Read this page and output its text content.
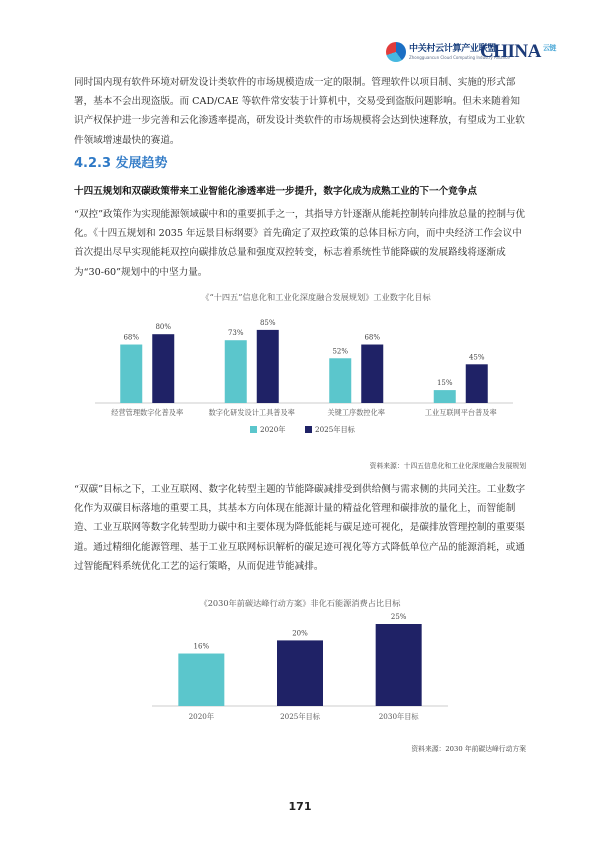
中关村云计算产业联盟
Zhongguancun Cloud Computing Industry Alliance
CHINA 云链

同时国内现有软件环境对研发设计类软件的市场规模造成一定的限制。管理软件以项目制、实施的形式部署，基本不会出现盗版。而 CAD/CAE 等软件常安装于计算机中，交易受到盗版问题影响。但未来随着知识产权保护进一步完善和云化渗透率提高，研发设计类软件的市场规模将会达到快速释放，有望成为工业软件领域增速最快的赛道。

4.2.3 发展趋势
十四五规划和双碳政策带来工业智能化渗透率进一步提升，数字化成为成熟工业的下一个竞争点

“双控”政策作为实现能源领域碳中和的重要抓手之一，其指导方针逐渐从能耗控制转向排放总量的控制与优化。《十四五规划和 2035 年远景目标纲要》首先确定了双控政策的总体目标方向，而中央经济工作会议中首次提出尽早实现能耗双控向碳排放总量和强度双控转变，标志着系统性节能降碳的发展路线将逐渐成为“30-60”规划中的中坚力量。

《“十四五”信息化和工业化深度融合发展规划》工业数字化目标
68%
80%
经营管理数字化普及率
73%
85%
数字化研发设计工具普及率
52%
68%
关键工序数控化率
15%
45%
工业互联网平台普及率
2020年	2025年目标
资料来源：十四五信息化和工业化深度融合发展规划

“双碳”目标之下，工业互联网、数字化转型主题的节能降碳减排受到供给侧与需求侧的共同关注。工业数字化作为双碳目标落地的重要工具，其基本方向体现在能源计量的精益化管理和碳排放的量化上，而智能制造、工业互联网等数字化转型助力碳中和主要体现为降低能耗与碳足迹可视化，是碳排放管理控制的重要渠道。通过精细化能源管理、基于工业互联网标识解析的碳足迹可视化等方式降低单位产品的能源消耗，或通过智能配料系统优化工艺的运行策略，从而促进节能减排。

《2030年前碳达峰行动方案》非化石能源消费占比目标
16%
2020年
20%
2025年目标
25%
2030年目标
资料来源：2030 年前碳达峰行动方案
171
